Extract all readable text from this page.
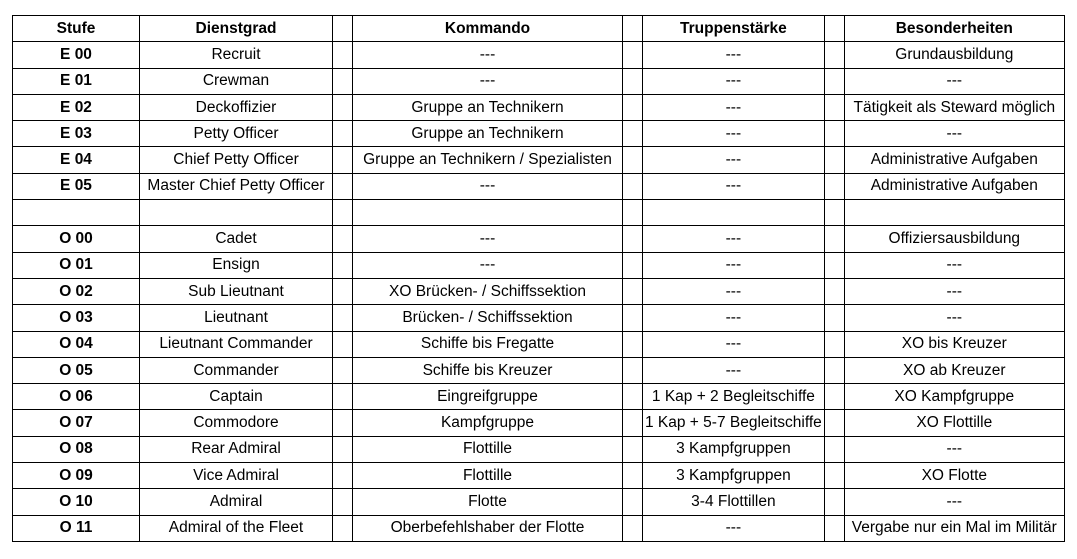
Stufe	Dienstgrad		Kommando		Truppenstärke		Besonderheiten
E 00	Recruit		---		---		Grundausbildung
E 01	Crewman		---		---		---
E 02	Deckoffizier		Gruppe an Technikern		---		Tätigkeit als Steward möglich
E 03	Petty Officer		Gruppe an Technikern		---		---
E 04	Chief Petty Officer		Gruppe an Technikern / Spezialisten		---		Administrative Aufgaben
E 05	Master Chief Petty Officer		---		---		Administrative Aufgaben

O 00	Cadet		---		---		Offiziersausbildung
O 01	Ensign		---		---		---
O 02	Sub Lieutnant		XO Brücken- / Schiffssektion		---		---
O 03	Lieutnant		Brücken- / Schiffssektion		---		---
O 04	Lieutnant Commander		Schiffe bis Fregatte		---		XO bis Kreuzer
O 05	Commander		Schiffe bis Kreuzer		---		XO ab Kreuzer
O 06	Captain		Eingreifgruppe		1 Kap + 2 Begleitschiffe		XO Kampfgruppe
O 07	Commodore		Kampfgruppe		1 Kap + 5-7 Begleitschiffe		XO Flottille
O 08	Rear Admiral		Flottille		3 Kampfgruppen		---
O 09	Vice Admiral		Flottille		3 Kampfgruppen		XO Flotte
O 10	Admiral		Flotte		3-4 Flottillen		---
O 11	Admiral of the Fleet		Oberbefehlshaber der Flotte		---		Vergabe nur ein Mal im Militär
